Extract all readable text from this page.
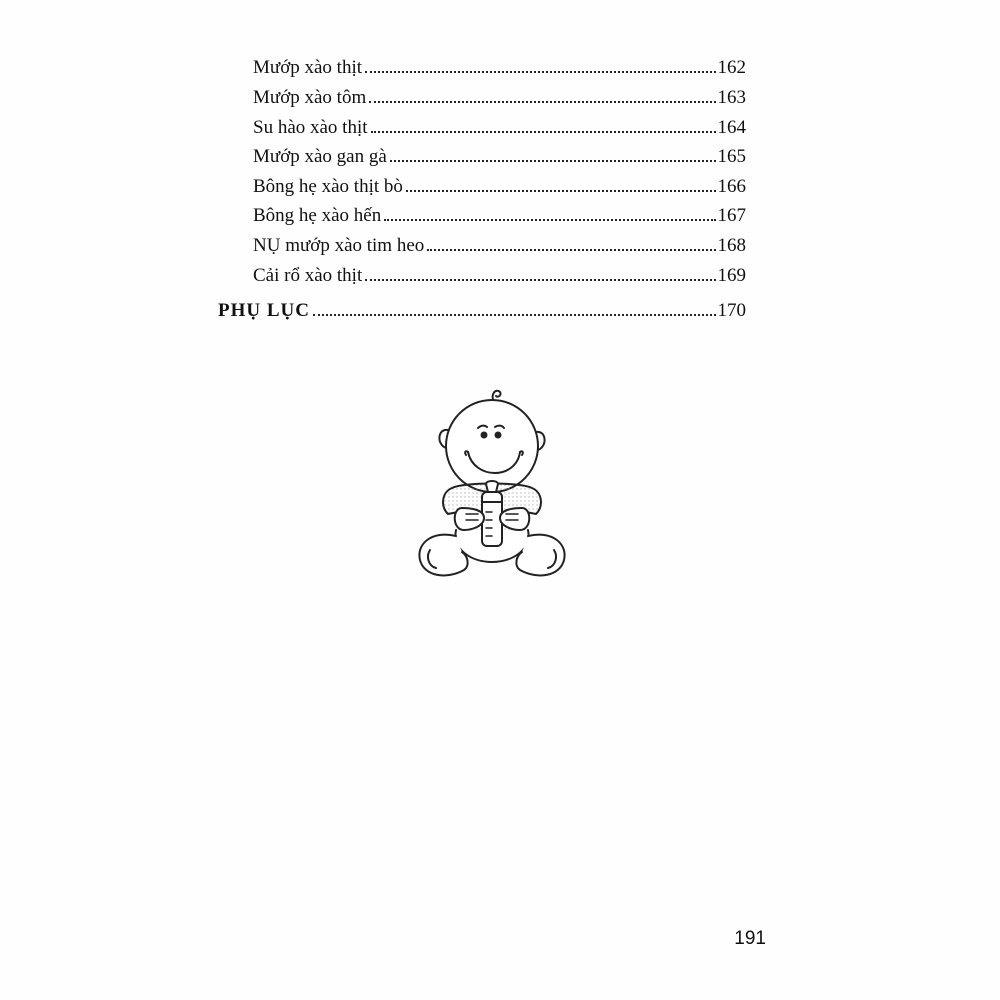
Mướp xào thịt	162
Mướp xào tôm	163
Su hào xào thịt	164
Mướp xào gan gà	165
Bông hẹ xào thịt bò	166
Bông hẹ xào hến	167
NỤ mướp xào tim heo	168
Cải rổ xào thịt	169
PHỤ LỤC	170
191
